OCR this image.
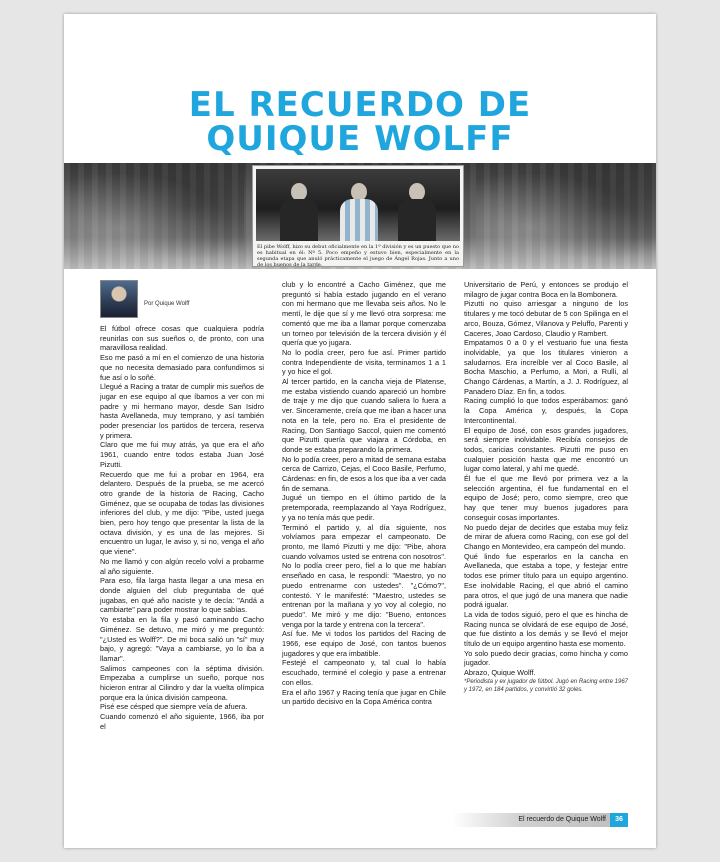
EL RECUERDO DE
QUIQUE WOLFF
El pibe Wolff, hizo su debut oficialmente en la 1ª división y es un puesto que no es habitual en él: Nº 5. Poco empeño y estuvo bien, especialmente en la segunda etapa que anuló prácticamente el juego de Ángel Rojas. Junto a uno de los buenos de la tarde.
Por Quique Wolff

El fútbol ofrece cosas que cualquiera podría reunirlas con sus sueños o, de pronto, con una maravillosa realidad.

Eso me pasó a mí en el comienzo de una historia que no necesita demasiado para confundirnos si fue así o lo soñé.

Llegué a Racing a tratar de cumplir mis sueños de jugar en ese equipo al que íbamos a ver con mi padre y mi hermano mayor, desde San Isidro hasta Avellaneda, muy temprano, y así también poder presenciar los partidos de tercera, reserva y primera.

Claro que me fui muy atrás, ya que era el año 1961, cuando entre todos estaba Juan José Pizutti.

Recuerdo que me fui a probar en 1964, era delantero. Después de la prueba, se me acercó otro grande de la historia de Racing, Cacho Giménez, que se ocupaba de todas las divisiones inferiores del club, y me dijo: "Pibe, usted juega bien, pero hoy tengo que presentar la lista de la octava división, y es una de las mejores. Si encuentro un lugar, le aviso y, si no, venga el año que viene".

No me llamó y con algún recelo volví a probarme al año siguiente.

Para eso, fila larga hasta llegar a una mesa en donde alguien del club preguntaba de qué jugabas, en qué año naciste y te decía: "Andá a cambiarte" para poder mostrar lo que sabías.

Yo estaba en la fila y pasó caminando Cacho Giménez. Se detuvo, me miró y me preguntó: "¿Usted es Wolff?". De mi boca salió un "sí" muy bajo, y agregó: "Vaya a cambiarse, yo lo iba a llamar".

Salimos campeones con la séptima división. Empezaba a cumplirse un sueño, porque nos hicieron entrar al Cilindro y dar la vuelta olímpica porque era la única división campeona.

Pisé ese césped que siempre veía de afuera.

Cuando comenzó el año siguiente, 1966, iba por el

club y lo encontré a Cacho Giménez, que me preguntó si había estado jugando en el verano con mi hermano que me llevaba seis años. No le mentí, le dije que sí y me llevó otra sorpresa: me comentó que me iba a llamar porque comenzaba un torneo por televisión de la tercera división y él quería que yo jugara.

No lo podía creer, pero fue así. Primer partido contra Independiente de visita, terminamos 1 a 1 y yo hice el gol.

Al tercer partido, en la cancha vieja de Platense, me estaba vistiendo cuando apareció un hombre de traje y me dijo que cuando saliera lo fuera a ver. Sinceramente, creía que me iban a hacer una nota en la tele, pero no. Era el presidente de Racing, Don Santiago Saccol, quien me comentó que Pizutti quería que viajara a Córdoba, en donde se estaba preparando la primera.

No lo podía creer, pero a mitad de semana estaba cerca de Carrizo, Cejas, el Coco Basile, Perfumo, Cárdenas: en fin, de esos a los que iba a ver cada fin de semana.

Jugué un tiempo en el último partido de la pretemporada, reemplazando al Yaya Rodríguez, y ya no tenía más que pedir.

Terminó el partido y, al día siguiente, nos volvíamos para empezar el campeonato. De pronto, me llamó Pizutti y me dijo: "Pibe, ahora cuando volvamos usted se entrena con nosotros". No lo podía creer pero, fiel a lo que me habían enseñado en casa, le respondí: "Maestro, yo no puedo entrenarme con ustedes". "¿Cómo?", contestó. Y le manifesté: "Maestro, ustedes se entrenan por la mañana y yo voy al colegio, no puedo". Me miró y me dijo: "Bueno, entonces venga por la tarde y entrena con la tercera".

Así fue. Me vi todos los partidos del Racing de 1966, ese equipo de José, con tantos buenos jugadores y que era imbatible.

Festejé el campeonato y, tal cual lo había escuchado, terminé el colegio y pase a entrenar con ellos.

Era el año 1967 y Racing tenía que jugar en Chile un partido decisivo en la Copa América contra

Universitario de Perú, y entonces se produjo el milagro de jugar contra Boca en la Bombonera.

Pizutti no quiso arriesgar a ninguno de los titulares y me tocó debutar de 5 con Spilinga en el arco, Bouza, Gómez, Vilanova y Peluffo, Parenti y Caceres, Joao Cardoso, Claudio y Rambert.

Empatamos 0 a 0 y el vestuario fue una fiesta inolvidable, ya que los titulares vinieron a saludarnos. Era increíble ver al Coco Basile, al Bocha Maschio, a Perfumo, a Mori, a Rulli, al Chango Cárdenas, a Martín, a J. J. Rodríguez, al Panadero Díaz. En fin, a todos.

Racing cumplió lo que todos esperábamos: ganó la Copa América y, después, la Copa Intercontinental.

El equipo de José, con esos grandes jugadores, será siempre inolvidable. Recibía consejos de todos, caricias constantes. Pizutti me puso en cualquier posición hasta que me encontró un lugar como lateral, y ahí me quedé.

Él fue el que me llevó por primera vez a la selección argentina, él fue fundamental en el equipo de José; pero, como siempre, creo que hay que tener muy buenos jugadores para conseguir cosas importantes.

No puedo dejar de decirles que estaba muy feliz de mirar de afuera como Racing, con ese gol del Chango en Montevideo, era campeón del mundo.

Qué lindo fue esperarlos en la cancha en Avellaneda, que estaba a tope, y festejar entre todos ese primer título para un equipo argentino. Ese inolvidable Racing, el que abrió el camino para otros, el que jugó de una manera que nadie podrá igualar.

La vida de todos siguió, pero el que es hincha de Racing nunca se olvidará de ese equipo de José, que fue distinto a los demás y se llevó el mejor título de un equipo argentino hasta ese momento.

Yo solo puedo decir gracias, como hincha y como jugador.

Abrazo, Quique Wolff.

*Periodista y ex jugador de fútbol. Jugó en Racing entre 1967 y 1972, en 184 partidos, y convirtió 32 goles.

El recuerdo de Quique Wolff	36
